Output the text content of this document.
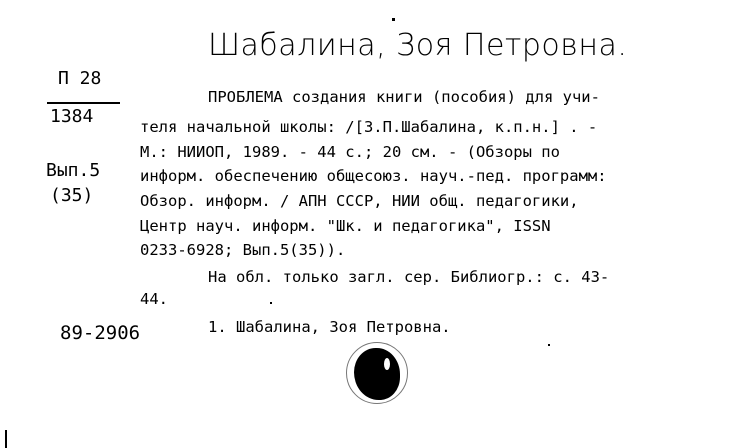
Шабалина, Зоя Петровна.
П 28
1384
Вып.5
(35)
ПРОБЛЕМА создания книги (пособия) для учи-
теля начальной школы: /[З.П.Шабалина, к.п.н.] . -
М.: НИИОП, 1989. - 44 с.; 20 см. - (Обзоры по
информ. обеспечению общесоюз. науч.-пед. программ:
Обзор. информ. / АПН СССР, НИИ общ. педагогики,
Центр науч. информ. "Шк. и педагогика", ISSN
0233-6928; Вып.5(35)).
На обл. только загл. сер. Библиогр.: с. 43-
44.
1. Шабалина, Зоя Петровна.
89-2906
